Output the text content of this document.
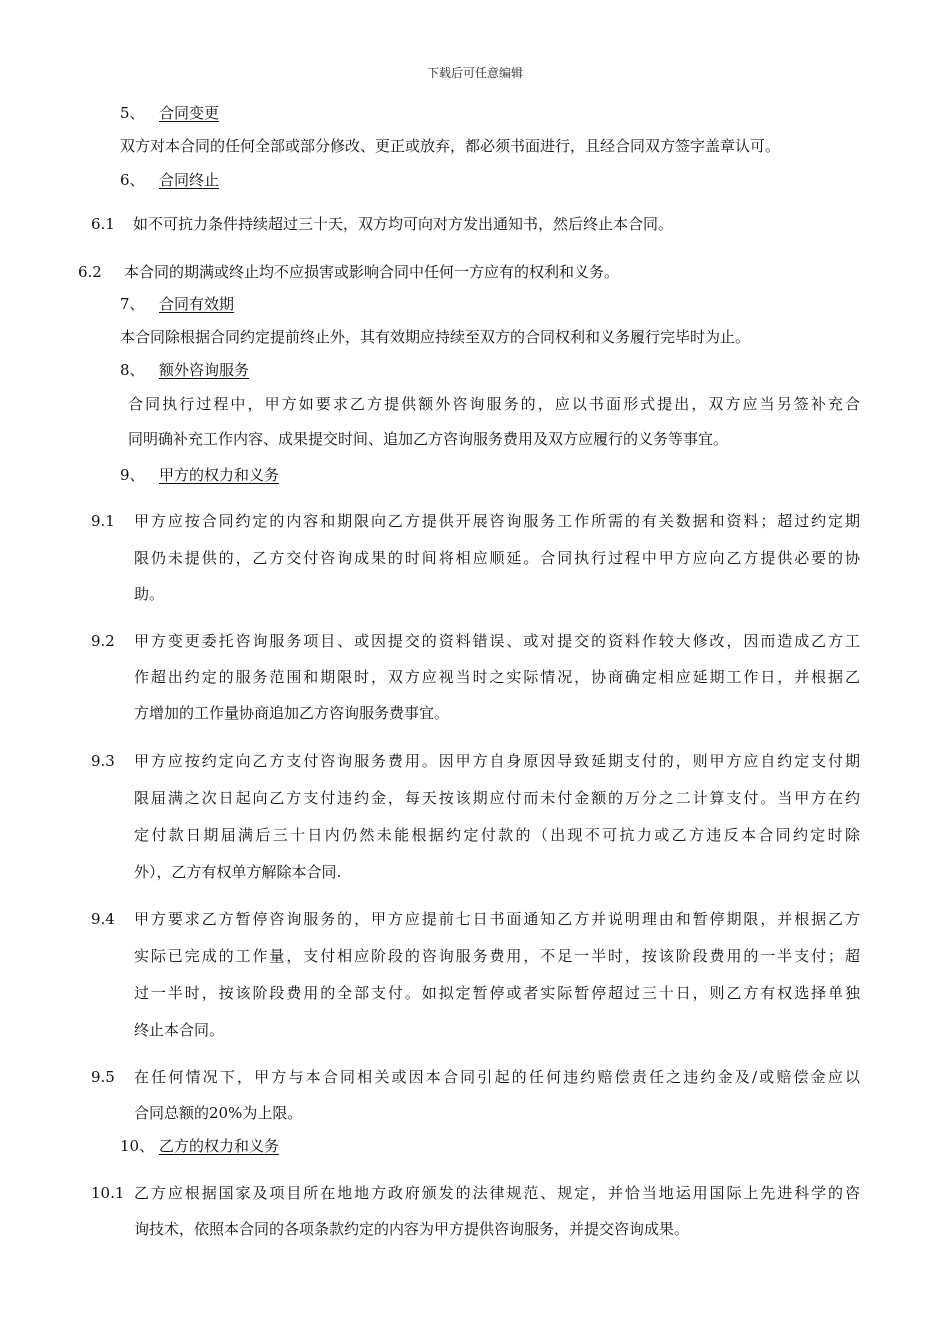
下载后可任意编辑
5、 合同变更
双方对本合同的任何全部或部分修改、更正或放弃，都必须书面进行，且经合同双方签字盖章认可。
6、 合同终止
6.1 如不可抗力条件持续超过三十天，双方均可向对方发出通知书，然后终止本合同。
6.2 本合同的期满或终止均不应损害或影响合同中任何一方应有的权利和义务。
7、 合同有效期
本合同除根据合同约定提前终止外，其有效期应持续至双方的合同权利和义务履行完毕时为止。
8、 额外咨询服务
合同执行过程中，甲方如要求乙方提供额外咨询服务的，应以书面形式提出，双方应当另签补充合
同明确补充工作内容、成果提交时间、追加乙方咨询服务费用及双方应履行的义务等事宜。
9、 甲方的权力和义务
9.1 甲方应按合同约定的内容和期限向乙方提供开展咨询服务工作所需的有关数据和资料；超过约定期
限仍未提供的，乙方交付咨询成果的时间将相应顺延。合同执行过程中甲方应向乙方提供必要的协
助。
9.2 甲方变更委托咨询服务项目、或因提交的资料错误、或对提交的资料作较大修改，因而造成乙方工
作超出约定的服务范围和期限时，双方应视当时之实际情况，协商确定相应延期工作日，并根据乙
方增加的工作量协商追加乙方咨询服务费事宜。
9.3 甲方应按约定向乙方支付咨询服务费用。因甲方自身原因导致延期支付的，则甲方应自约定支付期
限届满之次日起向乙方支付违约金，每天按该期应付而未付金额的万分之二计算支付。当甲方在约
定付款日期届满后三十日内仍然未能根据约定付款的（出现不可抗力或乙方违反本合同约定时除
外），乙方有权单方解除本合同.
9.4 甲方要求乙方暂停咨询服务的，甲方应提前七日书面通知乙方并说明理由和暂停期限，并根据乙方
实际已完成的工作量，支付相应阶段的咨询服务费用，不足一半时，按该阶段费用的一半支付；超
过一半时，按该阶段费用的全部支付。如拟定暂停或者实际暂停超过三十日，则乙方有权选择单独
终止本合同。
9.5 在任何情况下，甲方与本合同相关或因本合同引起的任何违约赔偿责任之违约金及/或赔偿金应以
合同总额的20%为上限。
10、 乙方的权力和义务
10.1 乙方应根据国家及项目所在地地方政府颁发的法律规范、规定，并恰当地运用国际上先进科学的咨
询技术，依照本合同的各项条款约定的内容为甲方提供咨询服务，并提交咨询成果。
